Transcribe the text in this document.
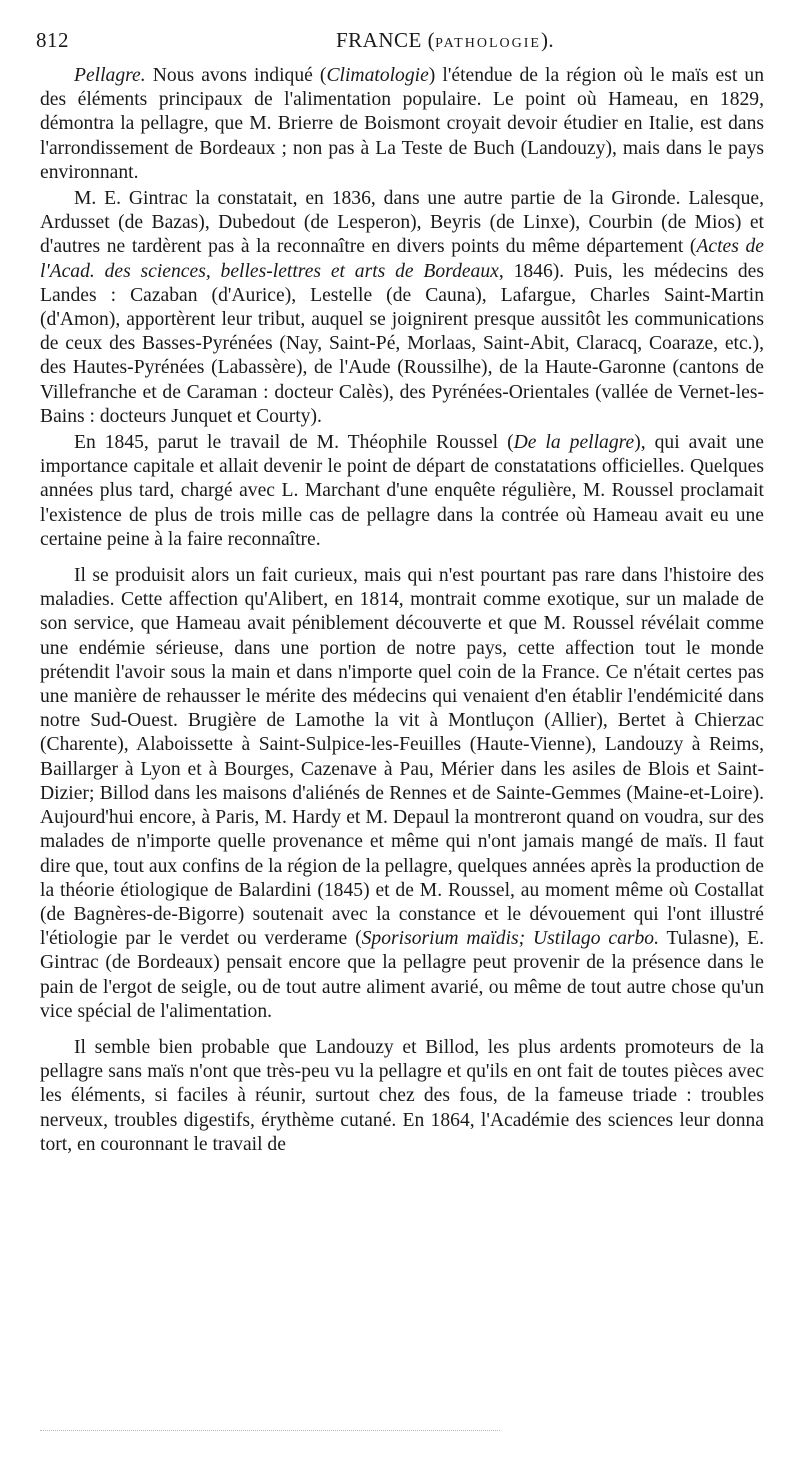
812	FRANCE (PATHOLOGIE).

Pellagre. Nous avons indiqué (Climatologie) l'étendue de la région où le maïs est un des éléments principaux de l'alimentation populaire. Le point où Hameau, en 1829, démontra la pellagre, que M. Brierre de Boismont croyait devoir étudier en Italie, est dans l'arrondissement de Bordeaux ; non pas à La Teste de Buch (Landouzy), mais dans le pays environnant.

M. E. Gintrac la constatait, en 1836, dans une autre partie de la Gironde. Lalesque, Ardusset (de Bazas), Dubedout (de Lesperon), Beyris (de Linxe), Courbin (de Mios) et d'autres ne tardèrent pas à la reconnaître en divers points du même département (Actes de l'Acad. des sciences, belles-lettres et arts de Bordeaux, 1846). Puis, les médecins des Landes : Cazaban (d'Aurice), Lestelle (de Cauna), Lafargue, Charles Saint-Martin (d'Amon), apportèrent leur tribut, auquel se joignirent presque aussitôt les communications de ceux des Basses-Pyrénées (Nay, Saint-Pé, Morlaas, Saint-Abit, Claracq, Coaraze, etc.), des Hautes-Pyrénées (Labassère), de l'Aude (Roussilhe), de la Haute-Garonne (cantons de Villefranche et de Caraman : docteur Calès), des Pyrénées-Orientales (vallée de Vernet-les-Bains : docteurs Junquet et Courty).

En 1845, parut le travail de M. Théophile Roussel (De la pellagre), qui avait une importance capitale et allait devenir le point de départ de constatations officielles. Quelques années plus tard, chargé avec L. Marchant d'une enquête régulière, M. Roussel proclamait l'existence de plus de trois mille cas de pellagre dans la contrée où Hameau avait eu une certaine peine à la faire reconnaître.

Il se produisit alors un fait curieux, mais qui n'est pourtant pas rare dans l'histoire des maladies. Cette affection qu'Alibert, en 1814, montrait comme exotique, sur un malade de son service, que Hameau avait péniblement découverte et que M. Roussel révélait comme une endémie sérieuse, dans une portion de notre pays, cette affection tout le monde prétendit l'avoir sous la main et dans n'importe quel coin de la France. Ce n'était certes pas une manière de rehausser le mérite des médecins qui venaient d'en établir l'endémicité dans notre Sud-Ouest. Brugière de Lamothe la vit à Montluçon (Allier), Bertet à Chierzac (Charente), Alaboissette à Saint-Sulpice-les-Feuilles (Haute-Vienne), Landouzy à Reims, Baillarger à Lyon et à Bourges, Cazenave à Pau, Mérier dans les asiles de Blois et Saint-Dizier; Billod dans les maisons d'aliénés de Rennes et de Sainte-Gemmes (Maine-et-Loire). Aujourd'hui encore, à Paris, M. Hardy et M. Depaul la montreront quand on voudra, sur des malades de n'importe quelle provenance et même qui n'ont jamais mangé de maïs. Il faut dire que, tout aux confins de la région de la pellagre, quelques années après la production de la théorie étiologique de Balardini (1845) et de M. Roussel, au moment même où Costallat (de Bagnères-de-Bigorre) soutenait avec la constance et le dévouement qui l'ont illustré l'étiologie par le verdet ou verderame (Sporisorium maïdis; Ustilago carbo. Tulasne), E. Gintrac (de Bordeaux) pensait encore que la pellagre peut provenir de la présence dans le pain de l'ergot de seigle, ou de tout autre aliment avarié, ou même de tout autre chose qu'un vice spécial de l'alimentation.

Il semble bien probable que Landouzy et Billod, les plus ardents promoteurs de la pellagre sans maïs n'ont que très-peu vu la pellagre et qu'ils en ont fait de toutes pièces avec les éléments, si faciles à réunir, surtout chez des fous, de la fameuse triade : troubles nerveux, troubles digestifs, érythème cutané. En 1864, l'Académie des sciences leur donna tort, en couronnant le travail de
